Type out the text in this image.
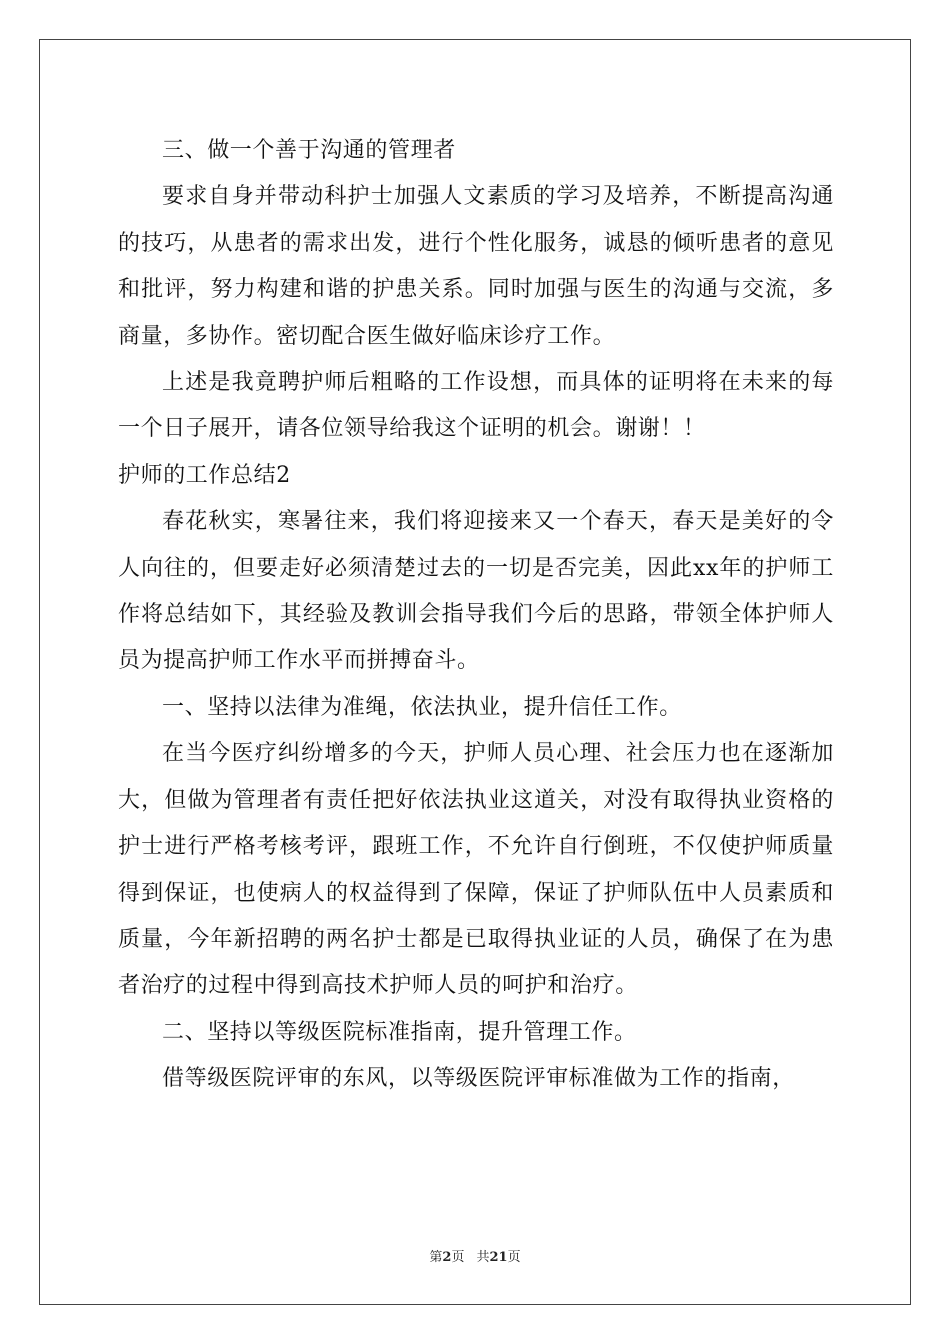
三、做一个善于沟通的管理者

要求自身并带动科护士加强人文素质的学习及培养，不断提高沟通的技巧，从患者的需求出发，进行个性化服务，诚恳的倾听患者的意见和批评，努力构建和谐的护患关系。同时加强与医生的沟通与交流，多商量，多协作。密切配合医生做好临床诊疗工作。

上述是我竟聘护师后粗略的工作设想，而具体的证明将在未来的每一个日子展开，请各位领导给我这个证明的机会。谢谢！！

护师的工作总结2

春花秋实，寒暑往来，我们将迎接来又一个春天，春天是美好的令人向往的，但要走好必须清楚过去的一切是否完美，因此xx年的护师工作将总结如下，其经验及教训会指导我们今后的思路，带领全体护师人员为提高护师工作水平而拼搏奋斗。

一、坚持以法律为准绳，依法执业，提升信任工作。

在当今医疗纠纷增多的今天，护师人员心理、社会压力也在逐渐加大，但做为管理者有责任把好依法执业这道关，对没有取得执业资格的护士进行严格考核考评，跟班工作，不允许自行倒班，不仅使护师质量得到保证，也使病人的权益得到了保障，保证了护师队伍中人员素质和质量，今年新招聘的两名护士都是已取得执业证的人员，确保了在为患者治疗的过程中得到高技术护师人员的呵护和治疗。

二、坚持以等级医院标准指南，提升管理工作。

借等级医院评审的东风，以等级医院评审标准做为工作的指南，

第2页 共21页
